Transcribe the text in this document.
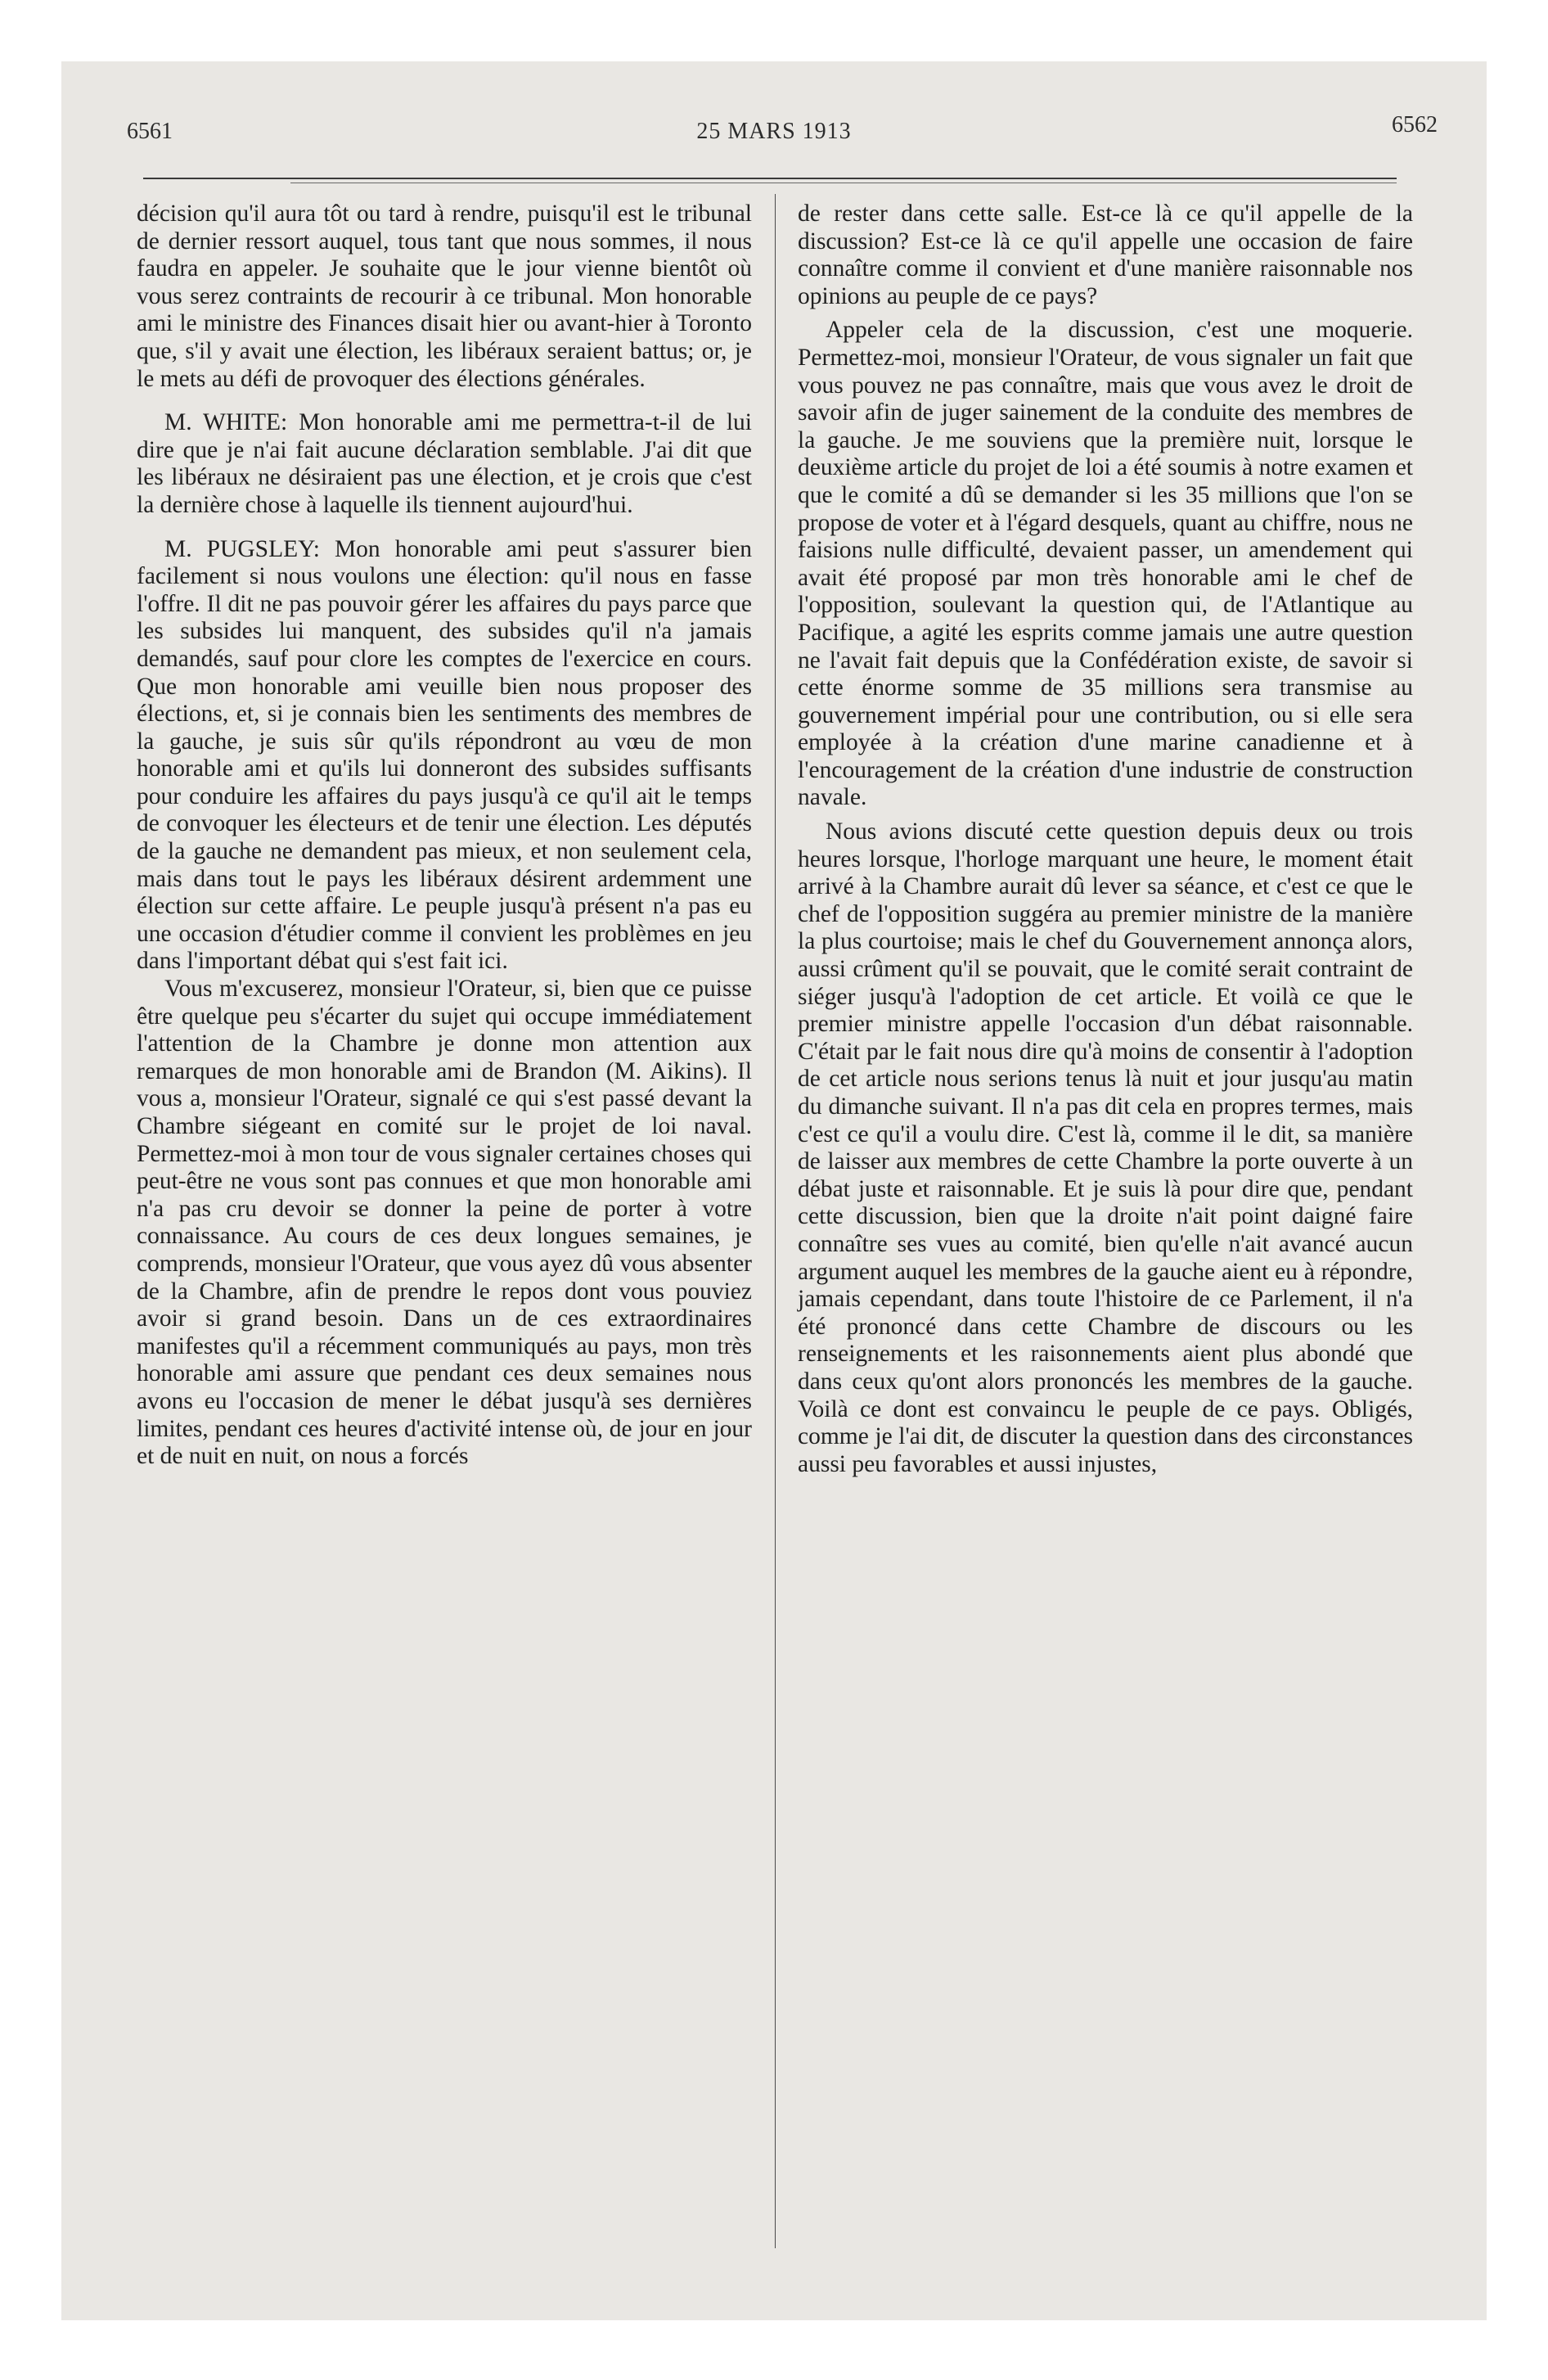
6561	25 MARS 1913	6562

décision qu'il aura tôt ou tard à rendre, puisqu'il est le tribunal de dernier ressort auquel, tous tant que nous sommes, il nous faudra en appeler. Je souhaite que le jour vienne bientôt où vous serez contraints de recourir à ce tribunal. Mon honorable ami le ministre des Finances disait hier ou avant-hier à Toronto que, s'il y avait une élection, les libéraux seraient battus; or, je le mets au défi de provoquer des élections générales.

M. WHITE: Mon honorable ami me permettra-t-il de lui dire que je n'ai fait aucune déclaration semblable. J'ai dit que les libéraux ne désiraient pas une élection, et je crois que c'est la dernière chose à laquelle ils tiennent aujourd'hui.

M. PUGSLEY: Mon honorable ami peut s'assurer bien facilement si nous voulons une élection: qu'il nous en fasse l'offre. Il dit ne pas pouvoir gérer les affaires du pays parce que les subsides lui manquent, des subsides qu'il n'a jamais demandés, sauf pour clore les comptes de l'exercice en cours. Que mon honorable ami veuille bien nous proposer des élections, et, si je connais bien les sentiments des membres de la gauche, je suis sûr qu'ils répondront au vœu de mon honorable ami et qu'ils lui donneront des subsides suffisants pour conduire les affaires du pays jusqu'à ce qu'il ait le temps de convoquer les électeurs et de tenir une élection. Les députés de la gauche ne demandent pas mieux, et non seulement cela, mais dans tout le pays les libéraux désirent ardemment une élection sur cette affaire. Le peuple jusqu'à présent n'a pas eu une occasion d'étudier comme il convient les problèmes en jeu dans l'important débat qui s'est fait ici.

Vous m'excuserez, monsieur l'Orateur, si, bien que ce puisse être quelque peu s'écarter du sujet qui occupe immédiatement l'attention de la Chambre je donne mon attention aux remarques de mon honorable ami de Brandon (M. Aikins). Il vous a, monsieur l'Orateur, signalé ce qui s'est passé devant la Chambre siégeant en comité sur le projet de loi naval. Permettez-moi à mon tour de vous signaler certaines choses qui peut-être ne vous sont pas connues et que mon honorable ami n'a pas cru devoir se donner la peine de porter à votre connaissance. Au cours de ces deux longues semaines, je comprends, monsieur l'Orateur, que vous ayez dû vous absenter de la Chambre, afin de prendre le repos dont vous pouviez avoir si grand besoin. Dans un de ces extraordinaires manifestes qu'il a récemment communiqués au pays, mon très honorable ami assure que pendant ces deux semaines nous avons eu l'occasion de mener le débat jusqu'à ses dernières limites, pendant ces heures d'activité intense où, de jour en jour et de nuit en nuit, on nous a forcés

de rester dans cette salle. Est-ce là ce qu'il appelle de la discussion? Est-ce là ce qu'il appelle une occasion de faire connaître comme il convient et d'une manière raisonnable nos opinions au peuple de ce pays?

Appeler cela de la discussion, c'est une moquerie. Permettez-moi, monsieur l'Orateur, de vous signaler un fait que vous pouvez ne pas connaître, mais que vous avez le droit de savoir afin de juger sainement de la conduite des membres de la gauche. Je me souviens que la première nuit, lorsque le deuxième article du projet de loi a été soumis à notre examen et que le comité a dû se demander si les 35 millions que l'on se propose de voter et à l'égard desquels, quant au chiffre, nous ne faisions nulle difficulté, devaient passer, un amendement qui avait été proposé par mon très honorable ami le chef de l'opposition, soulevant la question qui, de l'Atlantique au Pacifique, a agité les esprits comme jamais une autre question ne l'avait fait depuis que la Confédération existe, de savoir si cette énorme somme de 35 millions sera transmise au gouvernement impérial pour une contribution, ou si elle sera employée à la création d'une marine canadienne et à l'encouragement de la création d'une industrie de construction navale.

Nous avions discuté cette question depuis deux ou trois heures lorsque, l'horloge marquant une heure, le moment était arrivé à la Chambre aurait dû lever sa séance, et c'est ce que le chef de l'opposition suggéra au premier ministre de la manière la plus courtoise; mais le chef du Gouvernement annonça alors, aussi crûment qu'il se pouvait, que le comité serait contraint de siéger jusqu'à l'adoption de cet article. Et voilà ce que le premier ministre appelle l'occasion d'un débat raisonnable. C'était par le fait nous dire qu'à moins de consentir à l'adoption de cet article nous serions tenus là nuit et jour jusqu'au matin du dimanche suivant. Il n'a pas dit cela en propres termes, mais c'est ce qu'il a voulu dire. C'est là, comme il le dit, sa manière de laisser aux membres de cette Chambre la porte ouverte à un débat juste et raisonnable. Et je suis là pour dire que, pendant cette discussion, bien que la droite n'ait point daigné faire connaître ses vues au comité, bien qu'elle n'ait avancé aucun argument auquel les membres de la gauche aient eu à répondre, jamais cependant, dans toute l'histoire de ce Parlement, il n'a été prononcé dans cette Chambre de discours ou les renseignements et les raisonnements aient plus abondé que dans ceux qu'ont alors prononcés les membres de la gauche. Voilà ce dont est convaincu le peuple de ce pays. Obligés, comme je l'ai dit, de discuter la question dans des circonstances aussi peu favorables et aussi injustes,
